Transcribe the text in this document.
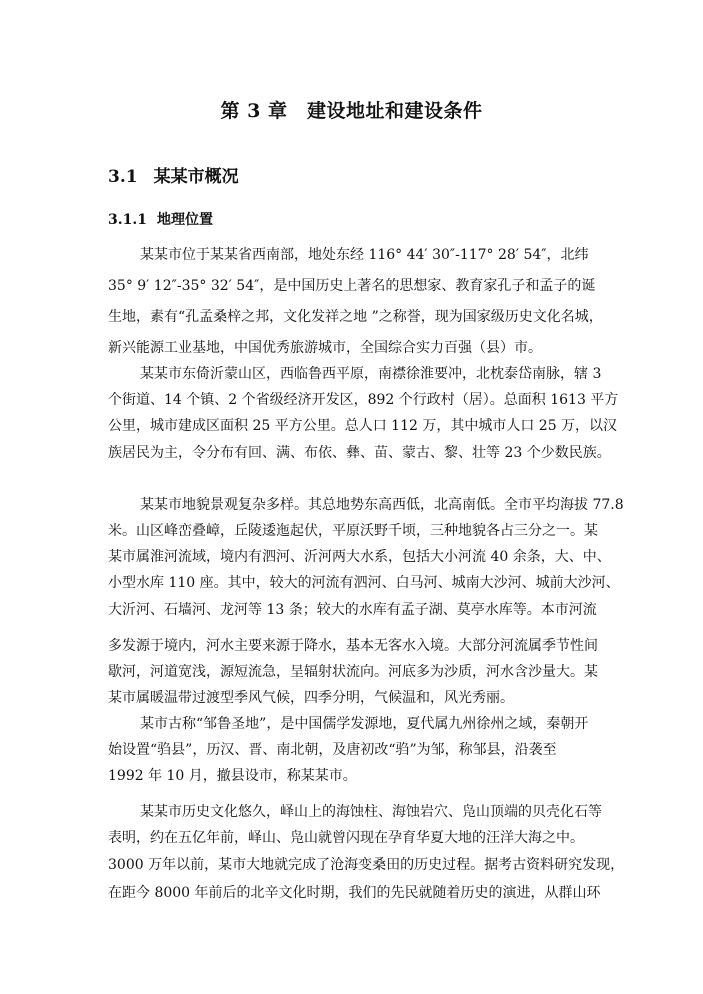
第 3 章　建设地址和建设条件
3.1 某某市概况
3.1.1 地理位置
某某市位于某某省西南部，地处东经 116° 44′ 30″-117° 28′ 54″，北纬
35° 9′ 12″-35° 32′ 54″，是中国历史上著名的思想家、教育家孔子和孟子的诞
生地，素有“孔孟桑梓之邦，文化发祥之地 ”之称誉，现为国家级历史文化名城，
新兴能源工业基地，中国优秀旅游城市，全国综合实力百强（县）市。
某某市东倚沂蒙山区，西临鲁西平原，南襟徐淮要冲，北枕泰岱南脉，辖 3
个街道、14 个镇、2 个省级经济开发区，892 个行政村（居）。总面积 1613 平方
公里，城市建成区面积 25 平方公里。总人口 112 万，其中城市人口 25 万，以汉
族居民为主，令分布有回、满、布依、彝、苗、蒙古、黎、壮等 23 个少数民族。
某某市地貌景观复杂多样。其总地势东高西低，北高南低。全市平均海拔 77.8
米。山区峰峦叠嶂，丘陵逶迤起伏，平原沃野千顷，三种地貌各占三分之一。某
某市属淮河流域，境内有泗河、沂河两大水系，包括大小河流 40 余条，大、中、
小型水库 110 座。其中，较大的河流有泗河、白马河、城南大沙河、城前大沙河、
大沂河、石墙河、龙河等 13 条；较大的水库有孟子湖、莫亭水库等。本市河流
多发源于境内，河水主要来源于降水，基本无客水入境。大部分河流属季节性间
歇河，河道宽浅，源短流急，呈辐射状流向。河底多为沙质，河水含沙量大。某
某市属暖温带过渡型季风气候，四季分明，气候温和，风光秀丽。
某市古称“邹鲁圣地”，是中国儒学发源地，夏代属九州徐州之域，秦朝开
始设置“驺县”，历汉、晋、南北朝，及唐初改“驺”为邹，称邹县，沿袭至
1992 年 10 月，撤县设市，称某某市。
某某市历史文化悠久，峄山上的海蚀柱、海蚀岩穴、凫山顶端的贝壳化石等
表明，约在五亿年前，峄山、凫山就曾闪现在孕育华夏大地的汪洋大海之中。
3000 万年以前，某市大地就完成了沧海变桑田的历史过程。据考古资料研究发现，
在距今 8000 年前后的北辛文化时期，我们的先民就随着历史的演进，从群山环
